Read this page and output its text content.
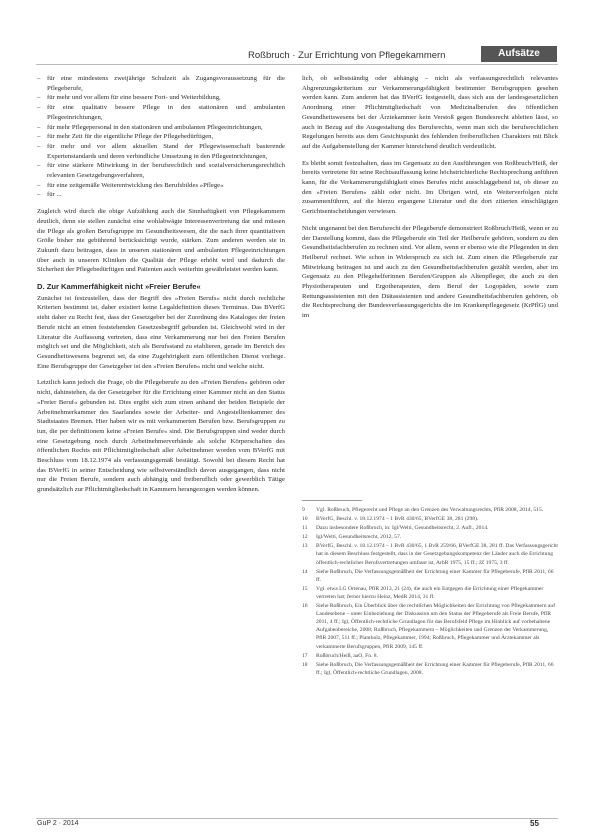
Roßbruch · Zur Errichtung von Pflegekammern	Aufsätze
– für eine mindestens zweijährige Schulzeit als Zugangsvoraussetzung für die Pflegeberufe,
– für mehr und vor allem für eine bessere Fort- und Weiterbildung,
– für eine qualitativ bessere Pflege in den stationären und ambulanten Pflegeeinrichtungen,
– für mehr Pflegepersonal in den stationären und ambulanten Pflegeeinrichtungen,
– für mehr Zeit für die eigentliche Pflege der Pflegebedürftigen,
– für mehr und vor allem aktuellen Stand der Pflegewissenschaft basierende Expertenstandards und deren verbindliche Umsetzung in den Pflegeeinrichtungen,
– für eine stärkere Mitwirkung in der berufsrechtlich und sozialversicherungsrechtlich relevanten Gesetzgebungsverfahren,
– für eine zeitgemäße Weiterentwicklung des Berufsbildes »Pflege«
– für ...

Zugleich wird durch die obige Aufzählung auch die Sinnhaftigkeit von Pflegekammern deutlich, denn sie stellen zunächst eine wohlabwägte Interessenvertretung dar und müssen die Pflege als großen Berufsgruppe im Gesundheitswesen, die die nach ihrer quantitativen Größe bisher nie gebührend berücksichtigt wurde, stärken. Zum anderen werden sie in Zukunft dazu beitragen, dass in unseren stationären und ambulanten Pflegeeinrichtungen über auch in unseren Kliniken die Qualität der Pflege erhöht wird und dadurch die Sicherheit der Pflegebedürftigen und Patienten auch weiterhin gewährleistet werden kann.

D. Zur Kammerfähigkeit nicht »Freier Berufe«

Zunächst ist festzustellen, dass der Begriff des »Freien Berufs« nicht durch rechtliche Kriterien bestimmt ist, daher existiert keine Legaldefinition dieses Terminus. Das BVerfG sieht daher zu Recht fest, dass der Gesetzgeber bei der Zuordnung des Kataloges der freien Berufe nicht an einen feststehenden Gesetzesbegriff gebunden ist. Gleichwohl wird in der Literatur die Auffassung vertreten, dass eine Verkammerung nur bei den Freien Berufen möglich sei und die Möglichkeit, sich als Berufsstand zu etablieren, gerade im Bereich des Gesundheitswesens begrenzt sei, da eine Zugehörigkeit zum öffentlichen Dienst vorliege. Eine Berufsgruppe der Gesetzgeber ist den »Freien Berufen« nicht und welche nicht.

Letztlich kann jedoch die Frage, ob die Pflegeberufe zu den »Freien Berufen« gehören oder nicht, dahinstehen, da der Gesetzgeber für die Errichtung einer Kammer nicht an den Status »Freier Beruf« gebunden ist. Dies ergibt sich zum einen anhand der beiden Beispiele der Arbeitnehmerkammer des Saarlandes sowie der Arbeiter- und Angestelltenkammer des Stadtstaates Bremen. Hier haben wir es mit verkammerten Berufen bzw. Berufsgruppen zu tun, die per definitionem keine »Freien Berufe« sind. Die Berufsgruppen sind weder durch eine Gesetzgebung noch durch Arbeitnehmerverbände als solche Körperschaften des öffentlichen Rechts mit Pflichtmitgliedschaft aller Arbeitnehmer worden vom BVerfG mit Beschluss vom 18.12.1974 als verfassungsgemäß bestätigt. Sowohl bei diesem Recht hat das BVerfG in seiner Entscheidung wie selbstverständlich davon ausgegangen, dass nicht nur die Freien Berufe, sondern auch abhängig und freiberuflich oder gewerblich Tätige grundsätzlich zur Pflichtmitgliedschaft in Kammern herangezogen werden können.

lich, ob selbstständig oder abhängig – nicht als verfassungsrechtlich relevantes Abgrenzungskriterium zur Verkammerungsfähigkeit bestimmter Berufsgruppen gesehen werden kann. Zum anderen hat das BVerfG festgestellt, dass sich aus der landesgesetzlichen Anordnung einer Pflichtmitgliedschaft von Medizinalberufen des öffentlichen Gesundheitswesens bei der Ärztekammer kein Verstoß gegen Bundesrecht ableiten lässt, so auch in Bezug auf die Ausgestaltung des Berufsrechts, wenn man sich die berufsrechtlichen Regelungen bereits aus dem Gesichtspunkt des fehlenden freiberuflichen Charakters mit Blick auf die Aufgabenstellung der Kammer hinreichend deutlich verdeutlicht.

Es bleibt somit festzuhalten, dass im Gegensatz zu den Ausführungen von Roßbruch/Heiß, der bereits vertretene für seine Rechtsauffassung keine höchstrichterliche Rechtsprechung anführen kann, für die Verkammerungsfähigkeit eines Berufes nicht ausschlaggebend ist, ob dieser zu den »Freien Berufen« zählt oder nicht. Im Übrigen wird, ein Weiterverfolgen nicht zusammenführen, auf die hierzu ergangene Literatur und die dort zitierten einschlägigen Gerichtsentscheidungen verwiesen.

Nicht ungenannt bei den Berufsrecht der Pflegeberufe demonstriert Roßbruch/Heiß, wenn er zu der Darstellung kommt, dass die Pflegeberufe ein Teil der Heilberufe gehören, sondern zu den Gesundheitsfachberufen zu rechnen sind. Vor allem, wenn er ebenso wie die Pflegenden in den Heilberuf rechnet. Wie schon in Widerspruch zu sich ist. Zum einen die Pflegeberufe zur Mitwirkung beitragen ist und auch zu den Gesundheitsfachberufen gezählt werden, aber im Gegensatz zu den Pflegehelferinnen Berufen/Gruppen als Altenpfleger, die auch zu den Physiotherapeuten und Ergotherapeuten, dem Beruf der Logopäden, sowie zum Rettungsassistenten mit den Diätassistenten und andere Gesundheitsfachberufen gehören, ob die Rechtsprechung der Bundesverfassungsgerichts die im Krankenpflegegesetz (KrPflG) und im

9 Vgl. Roßbruch, Pflegerecht und Pflege an den Grenzen des Verwaltungsrechts, PflR 2008, 2014, 515.
10 BVerfG, Beschl. v. 18.12.1974 – 1 BvR 430/65, BVerfGE 38, 281 (298).
11 Dazu insbesondere Roßbruch, in: Igl/Welti, Gesundheitsrecht, 2. Aufl., 2014.
12 Igl/Welti, Gesundheitsrecht, 2012, 57.
13 BVerfG, Beschl. v. 18.12.1974 – 1 BvR 430/65, 1 BvR 259/66, BVerfGE 38, 281 ff. Das Verfassungsgericht hat in diesem Beschluss festgestellt, dass in der Gesetzgebungskompetenz der Länder auch die Errichtung öffentlich-rechtlicher Berufsvertretungen umfasst ist, ArbR 1975, 15 ff.; JZ 1975, 3 ff.
14 Siehe Roßbruch, Die Verfassungsgemäßheit der Errichtung einer Kammer für Pflegeberufe, PflR 2011, 66 ff.
15 Vgl. etwa LG Ortenau, PflR 2013, 21 (24), die auch ein Entgegen die Errichtung einer Pflegekammer vertreten hat; ferner hierzu Heinz, MedR 2014, 31 ff.
16 Siehe Roßbruch, Ein Überblick über die rechtlichen Möglichkeiten der Errichtung von Pflegekammern auf Landesebene – unter Einbeziehung der Diskussion um den Status der Pflegeberufe als Freie Berufe, PflR 2011, 4 ff.; Igl, Öffentlich-rechtliche Grundlagen für das Berufsfeld Pflege im Hinblick auf vorbehaltene Aufgabenbereiche, 2008; Roßbruch, Pflegekammern – Möglichkeiten und Grenzen der Verkammerung, PflR 2007, 511 ff.; Plantholz, Pflegekammer, 1994; Roßbruch, Pflegekammer und Ärztekammer als verkammerte Berufsgruppen, PflR 2009, 145 ff.
17 Roßbruch/Heiß, aaO, Fn. 8.
18 Siehe Roßbruch, Die Verfassungsgemäßheit der Errichtung einer Kammer für Pflegeberufe, PflR 2011, 66 ff.; Igl, Öffentlich-rechtliche Grundlagen, 2008.
GuP 2 · 2014	55
